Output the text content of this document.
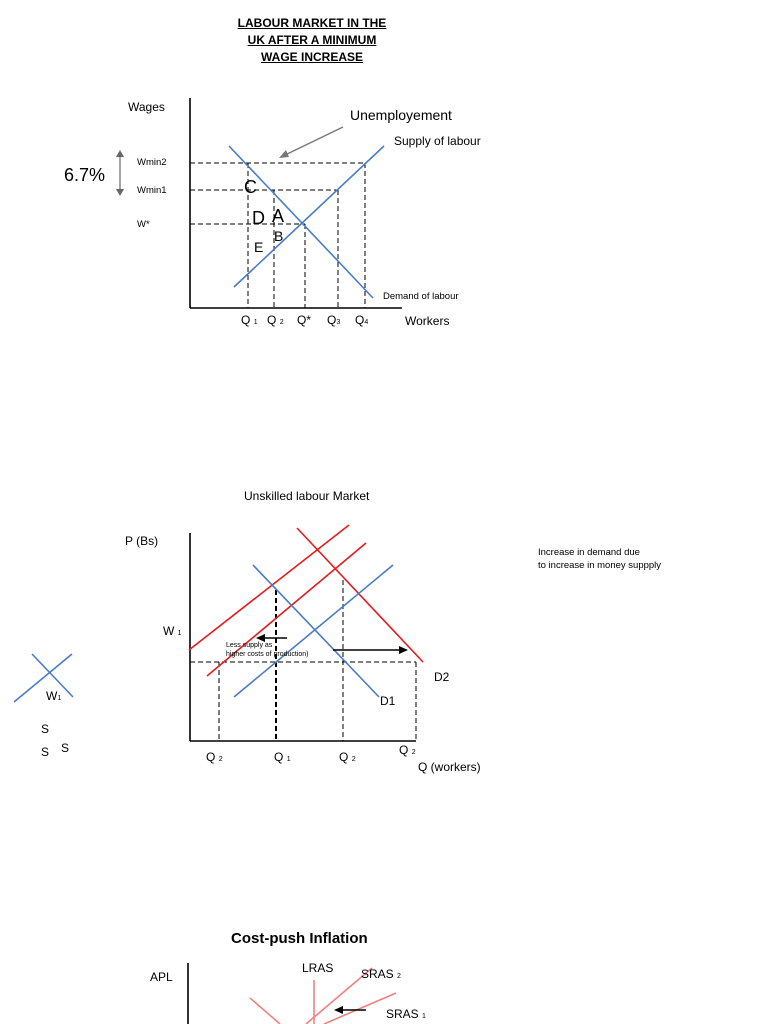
LABOUR MARKET IN THE
UK AFTER A MINIMUM
WAGE INCREASE
Wages
6.7%
Wmin2
Wmin1
W*
Unemployement
Supply of labour
Demand of labour
C
D A
B
E
Q 1 Q 2 Q* Q3 Q4	Workers
Unskilled labour Market
P (Bs)
W 1
Increase in demand due
to increase in money suppply
Less supply as
higher costs of production)
D2
D1
Q 2	Q 1	Q 2
Q 2
Q (workers)
W1
S
S S
Cost-push Inflation
APL
LRAS SRAS 2
SRAS 1
